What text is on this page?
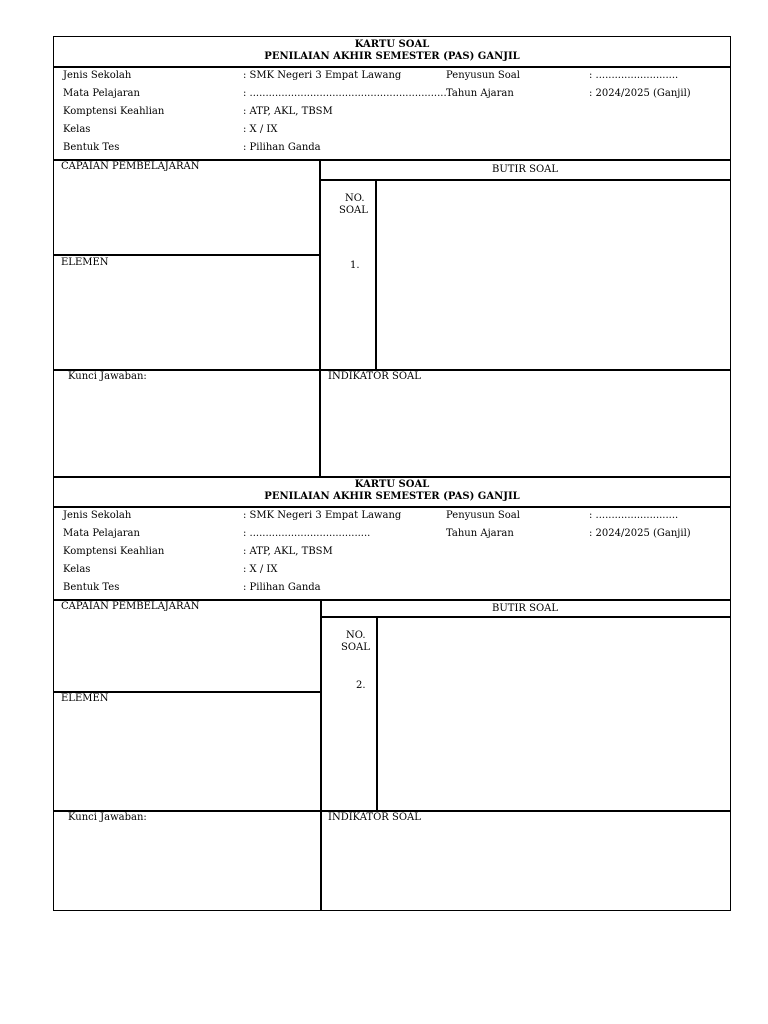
KARTU SOAL
PENILAIAN AKHIR SEMESTER (PAS) GANJIL
Jenis Sekolah	: SMK Negeri 3 Empat Lawang	Penyusun Soal	: ..........................
Mata Pelajaran	: .............................................................. Tahun Ajaran	: 2024/2025 (Ganjil)
Komptensi Keahlian	: ATP, AKL, TBSM
Kelas	: X / IX
Bentuk Tes	: Pilihan Ganda
CAPAIAN PEMBELAJARAN
ELEMEN
BUTIR SOAL
NO.
SOAL
1.
Kunci Jawaban:	INDIKATOR SOAL
KARTU SOAL
PENILAIAN AKHIR SEMESTER (PAS) GANJIL
Jenis Sekolah	: SMK Negeri 3 Empat Lawang	Penyusun Soal	: ..........................
Mata Pelajaran	: ......................................	Tahun Ajaran	: 2024/2025 (Ganjil)
Komptensi Keahlian	: ATP, AKL, TBSM
Kelas	: X / IX
Bentuk Tes	: Pilihan Ganda
CAPAIAN PEMBELAJARAN
ELEMEN
BUTIR SOAL
NO.
SOAL
2.
Kunci Jawaban:	INDIKATOR SOAL
